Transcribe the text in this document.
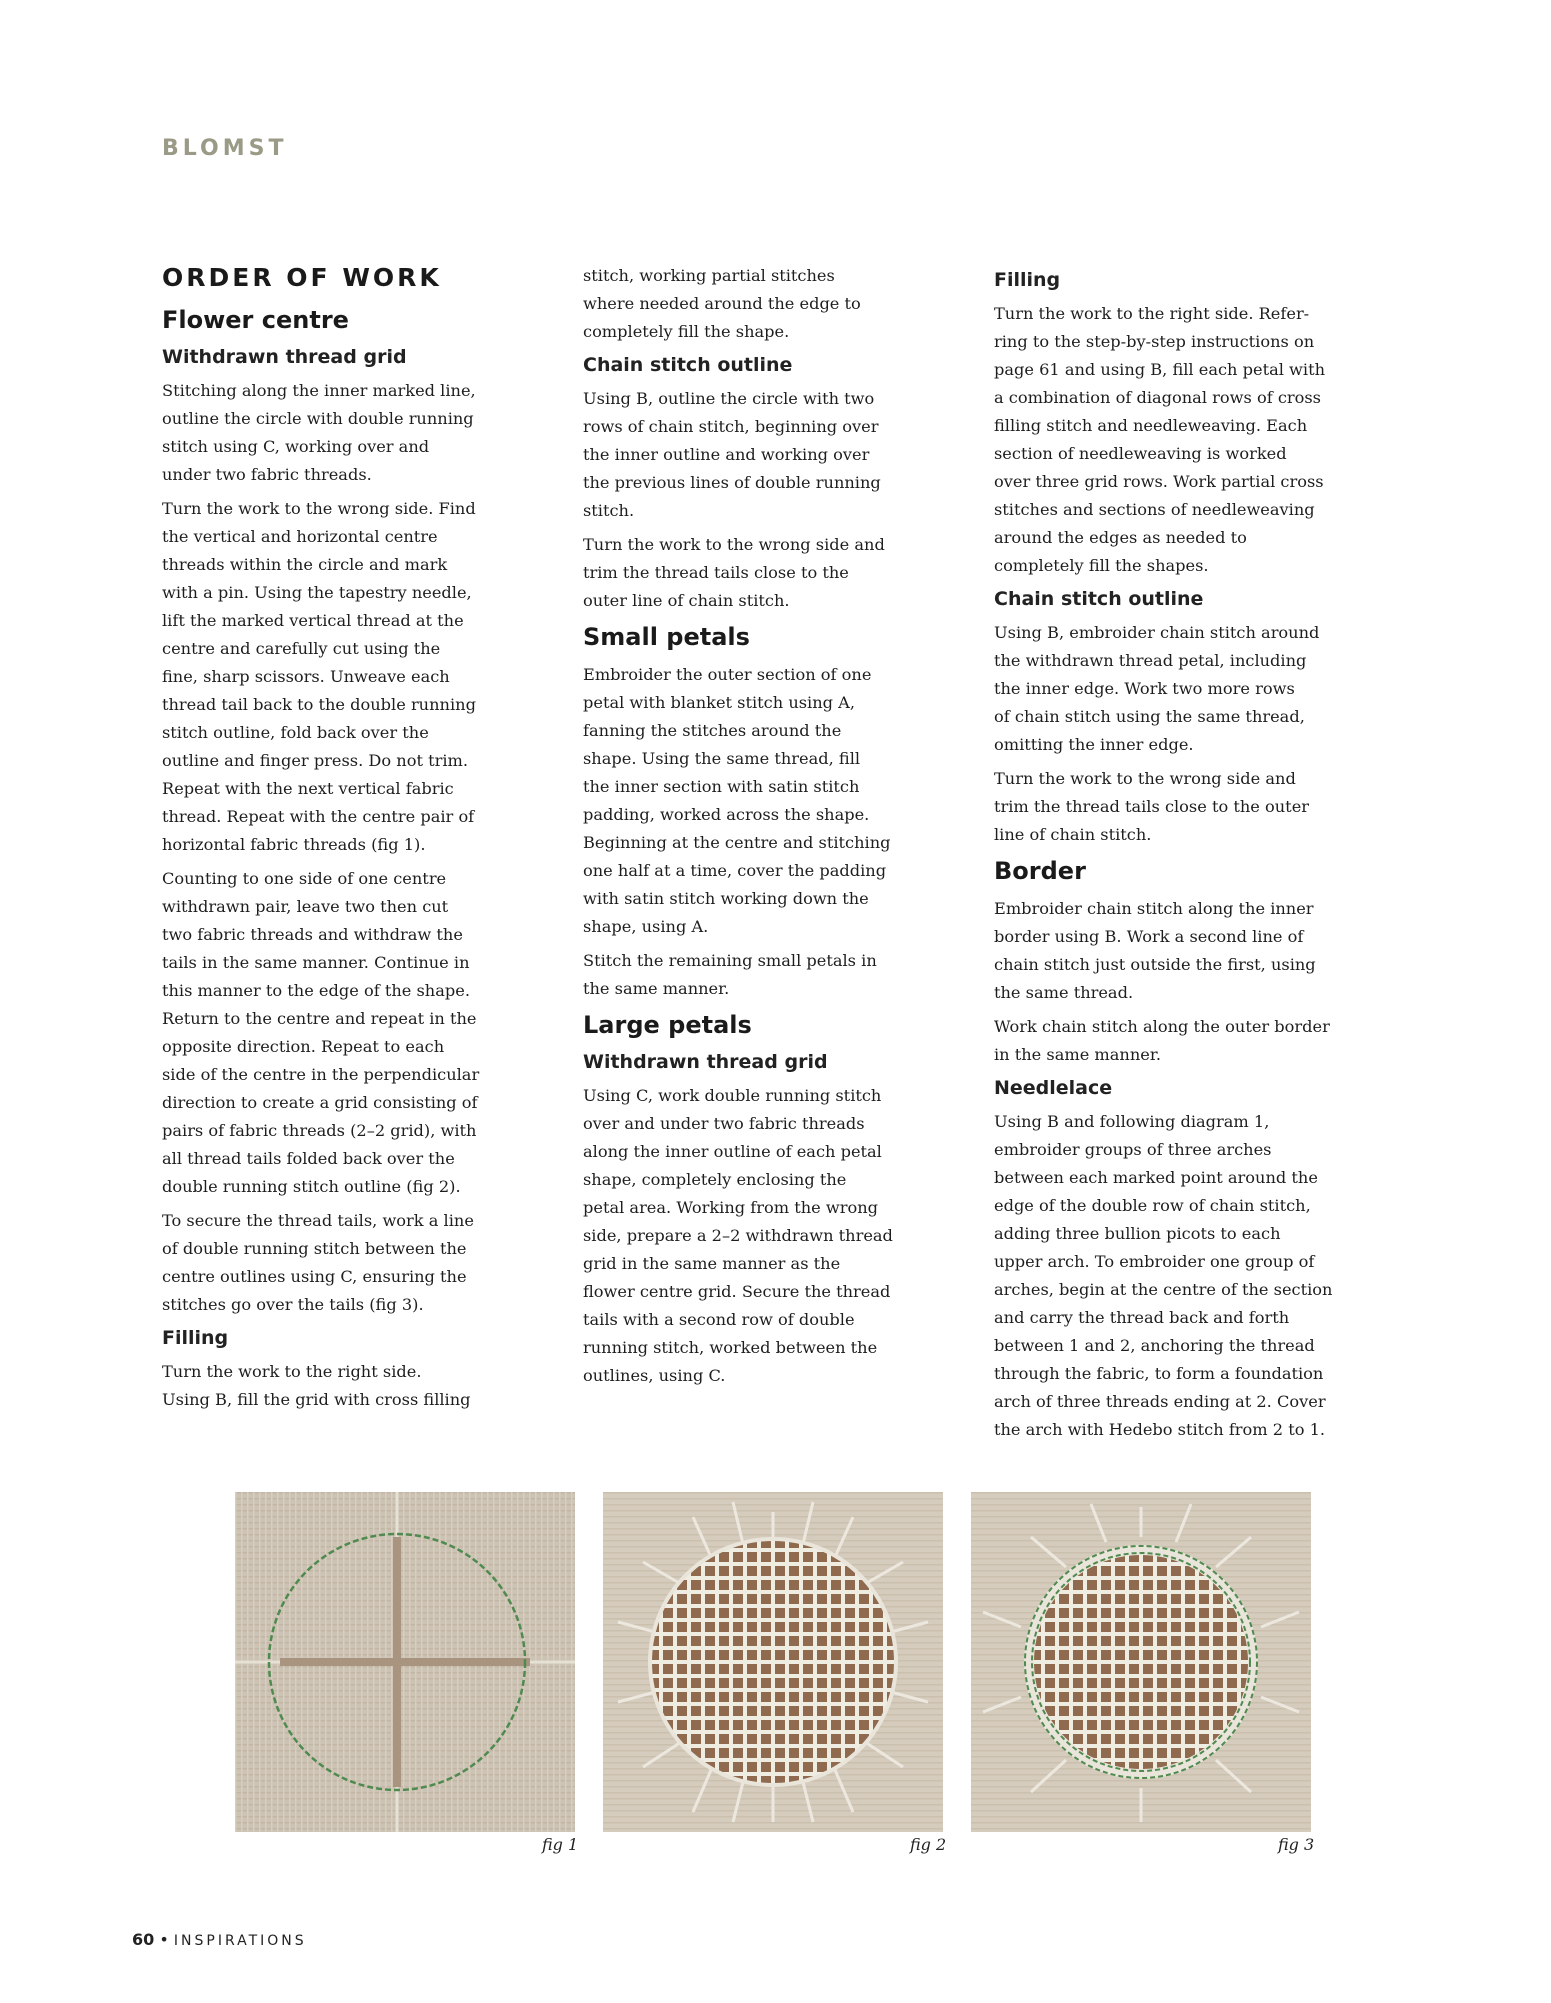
BLOMST
ORDER OF WORK
Flower centre
Withdrawn thread grid

Stitching along the inner marked line,
outline the circle with double running
stitch using C, working over and
under two fabric threads.

Turn the work to the wrong side. Find
the vertical and horizontal centre
threads within the circle and mark
with a pin. Using the tapestry needle,
lift the marked vertical thread at the
centre and carefully cut using the
fine, sharp scissors. Unweave each
thread tail back to the double running
stitch outline, fold back over the
outline and finger press. Do not trim.
Repeat with the next vertical fabric
thread. Repeat with the centre pair of
horizontal fabric threads (fig 1).

Counting to one side of one centre
withdrawn pair, leave two then cut
two fabric threads and withdraw the
tails in the same manner. Continue in
this manner to the edge of the shape.
Return to the centre and repeat in the
opposite direction. Repeat to each
side of the centre in the perpendicular
direction to create a grid consisting of
pairs of fabric threads (2–2 grid), with
all thread tails folded back over the
double running stitch outline (fig 2).

To secure the thread tails, work a line
of double running stitch between the
centre outlines using C, ensuring the
stitches go over the tails (fig 3).

Filling

Turn the work to the right side.
Using B, fill the grid with cross filling

stitch, working partial stitches
where needed around the edge to
completely fill the shape.

Chain stitch outline

Using B, outline the circle with two
rows of chain stitch, beginning over
the inner outline and working over
the previous lines of double running
stitch.

Turn the work to the wrong side and
trim the thread tails close to the
outer line of chain stitch.

Small petals

Embroider the outer section of one
petal with blanket stitch using A,
fanning the stitches around the
shape. Using the same thread, fill
the inner section with satin stitch
padding, worked across the shape.
Beginning at the centre and stitching
one half at a time, cover the padding
with satin stitch working down the
shape, using A.

Stitch the remaining small petals in
the same manner.

Large petals
Withdrawn thread grid

Using C, work double running stitch
over and under two fabric threads
along the inner outline of each petal
shape, completely enclosing the
petal area. Working from the wrong
side, prepare a 2–2 withdrawn thread
grid in the same manner as the
flower centre grid. Secure the thread
tails with a second row of double
running stitch, worked between the
outlines, using C.

Filling

Turn the work to the right side. Refer-
ring to the step-by-step instructions on
page 61 and using B, fill each petal with
a combination of diagonal rows of cross
filling stitch and needleweaving. Each
section of needleweaving is worked
over three grid rows. Work partial cross
stitches and sections of needleweaving
around the edges as needed to
completely fill the shapes.

Chain stitch outline

Using B, embroider chain stitch around
the withdrawn thread petal, including
the inner edge. Work two more rows
of chain stitch using the same thread,
omitting the inner edge.

Turn the work to the wrong side and
trim the thread tails close to the outer
line of chain stitch.

Border

Embroider chain stitch along the inner
border using B. Work a second line of
chain stitch just outside the first, using
the same thread.

Work chain stitch along the outer border
in the same manner.

Needlelace

Using B and following diagram 1,
embroider groups of three arches
between each marked point around the
edge of the double row of chain stitch,
adding three bullion picots to each
upper arch. To embroider one group of
arches, begin at the centre of the section
and carry the thread back and forth
between 1 and 2, anchoring the thread
through the fabric, to form a foundation
arch of three threads ending at 2. Cover
the arch with Hedebo stitch from 2 to 1.

fig 1	fig 2	fig 3
60 • INSPIRATIONS
